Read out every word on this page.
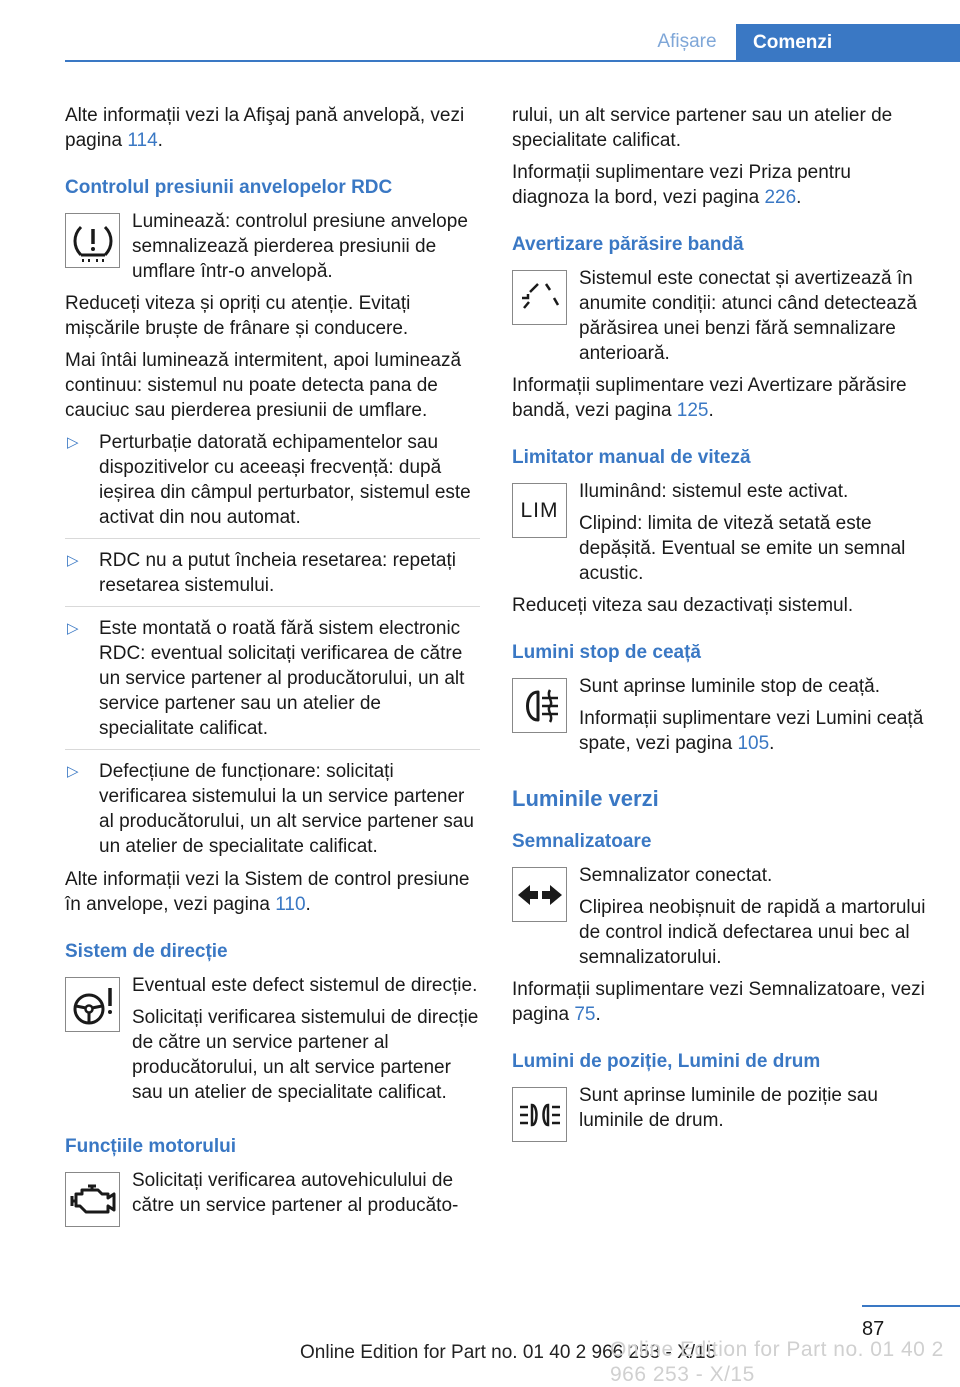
Afișare	Comenzi

Alte informații vezi la Afişaj pană anvelopă, vezi pagina 114.

Controlul presiunii anvelopelor RDC

Luminează: controlul presiune anvelope semnalizează pierderea presiunii de umflare într-o anvelopă.

Reduceți viteza și opriți cu atenție. Evitați mișcările bruște de frânare și conducere.

Mai întâi luminează intermitent, apoi luminează continuu: sistemul nu poate detecta pana de cauciuc sau pierderea presiunii de umflare.

▷ Perturbație datorată echipamentelor sau dispozitivelor cu aceeași frecvență: după ieșirea din câmpul perturbator, sistemul este activat din nou automat.
▷ RDC nu a putut încheia resetarea: repetați resetarea sistemului.
▷ Este montată o roată fără sistem electronic RDC: eventual solicitați verificarea de către un service partener al producătorului, un alt service partener sau un atelier de specialitate calificat.
▷ Defecțiune de funcționare: solicitați verificarea sistemului la un service partener al producătorului, un alt service partener sau un atelier de specialitate calificat.

Alte informații vezi la Sistem de control presiune în anvelope, vezi pagina 110.

Sistem de direcție

Eventual este defect sistemul de direcție.

Solicitați verificarea sistemului de direcție de către un service partener al producătorului, un alt service partener sau un atelier de specialitate calificat.

Funcțiile motorului

Solicitați verificarea autovehiculului de către un service partener al producăto-

rului, un alt service partener sau un atelier de specialitate calificat.

Informații suplimentare vezi Priza pentru diagnoza la bord, vezi pagina 226.

Avertizare părăsire bandă

Sistemul este conectat și avertizează în anumite condiții: atunci când detectează părăsirea unei benzi fără semnalizare anterioară.

Informații suplimentare vezi Avertizare părăsire bandă, vezi pagina 125.

Limitator manual de viteză
LIM

Iluminând: sistemul este activat.

Clipind: limita de viteză setată este depășită. Eventual se emite un semnal acustic.

Reduceți viteza sau dezactivați sistemul.

Lumini stop de ceață

Sunt aprinse luminile stop de ceață.

Informații suplimentare vezi Lumini ceață spate, vezi pagina 105.

Luminile verzi
Semnalizatoare

Semnalizator conectat.

Clipirea neobișnuit de rapidă a martorului de control indică defectarea unui bec al semnalizatorului.

Informații suplimentare vezi Semnalizatoare, vezi pagina 75.

Lumini de poziție, Lumini de drum

Sunt aprinse luminile de poziție sau luminile de drum.

87
Online Edition for Part no. 01 40 2 966 253 - X/15
Online Edition for Part no. 01 40 2 966 253 - X/15
